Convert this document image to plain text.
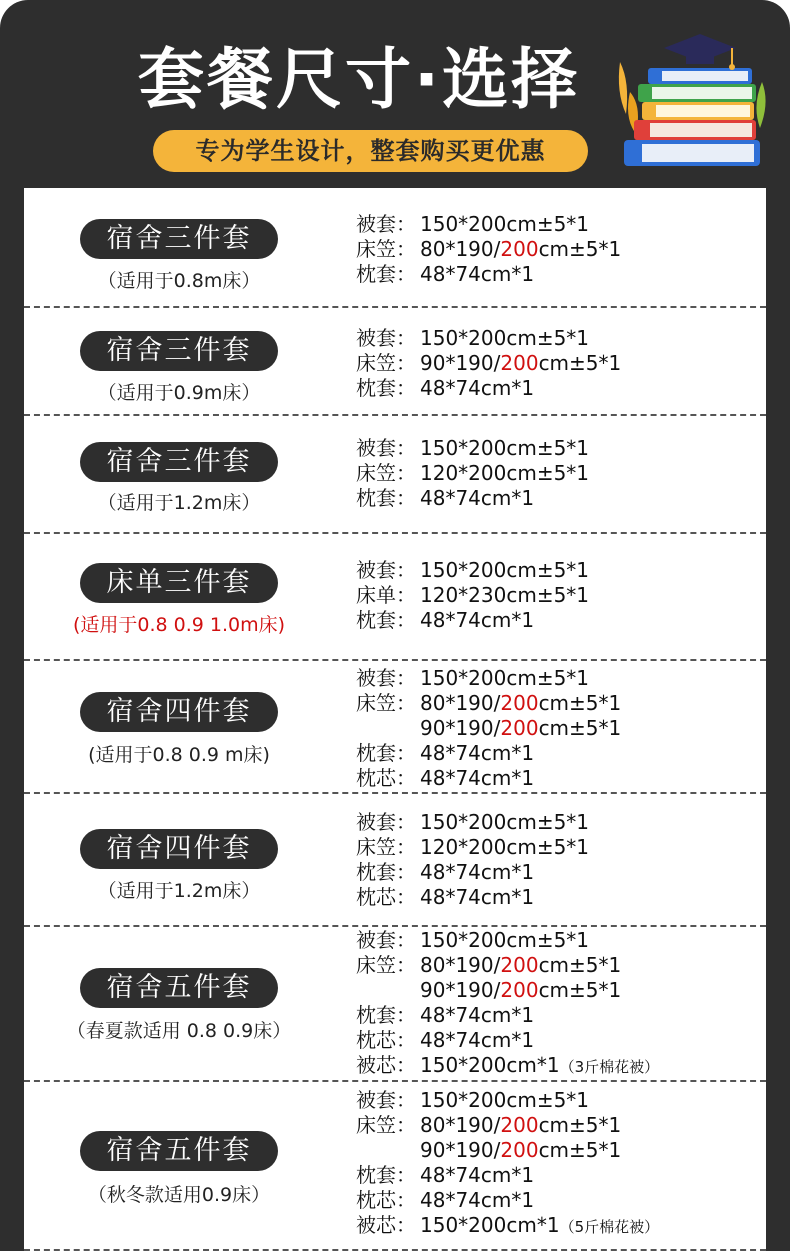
套餐尺寸·选择
专为学生设计，整套购买更优惠
宿舍三件套
（适用于0.8m床）
被套： 150*200cm±5*1
床笠： 80*190/200cm±5*1
枕套： 48*74cm*1
宿舍三件套
（适用于0.9m床）
被套： 150*200cm±5*1
床笠： 90*190/200cm±5*1
枕套： 48*74cm*1
宿舍三件套
（适用于1.2m床）
被套： 150*200cm±5*1
床笠： 120*200cm±5*1
枕套： 48*74cm*1
床单三件套
(适用于0.8 0.9 1.0m床)
被套： 150*200cm±5*1
床单： 120*230cm±5*1
枕套： 48*74cm*1
宿舍四件套
(适用于0.8 0.9 m床)
被套： 150*200cm±5*1
床笠： 80*190/200cm±5*1
90*190/200cm±5*1
枕套： 48*74cm*1
枕芯： 48*74cm*1
宿舍四件套
（适用于1.2m床）
被套： 150*200cm±5*1
床笠： 120*200cm±5*1
枕套： 48*74cm*1
枕芯： 48*74cm*1
宿舍五件套
（春夏款适用 0.8 0.9床）
被套： 150*200cm±5*1
床笠： 80*190/200cm±5*1
90*190/200cm±5*1
枕套： 48*74cm*1
枕芯： 48*74cm*1
被芯： 150*200cm*1（3斤棉花被）
宿舍五件套
（秋冬款适用0.9床）
被套： 150*200cm±5*1
床笠： 80*190/200cm±5*1
90*190/200cm±5*1
枕套： 48*74cm*1
枕芯： 48*74cm*1
被芯： 150*200cm*1（5斤棉花被）
